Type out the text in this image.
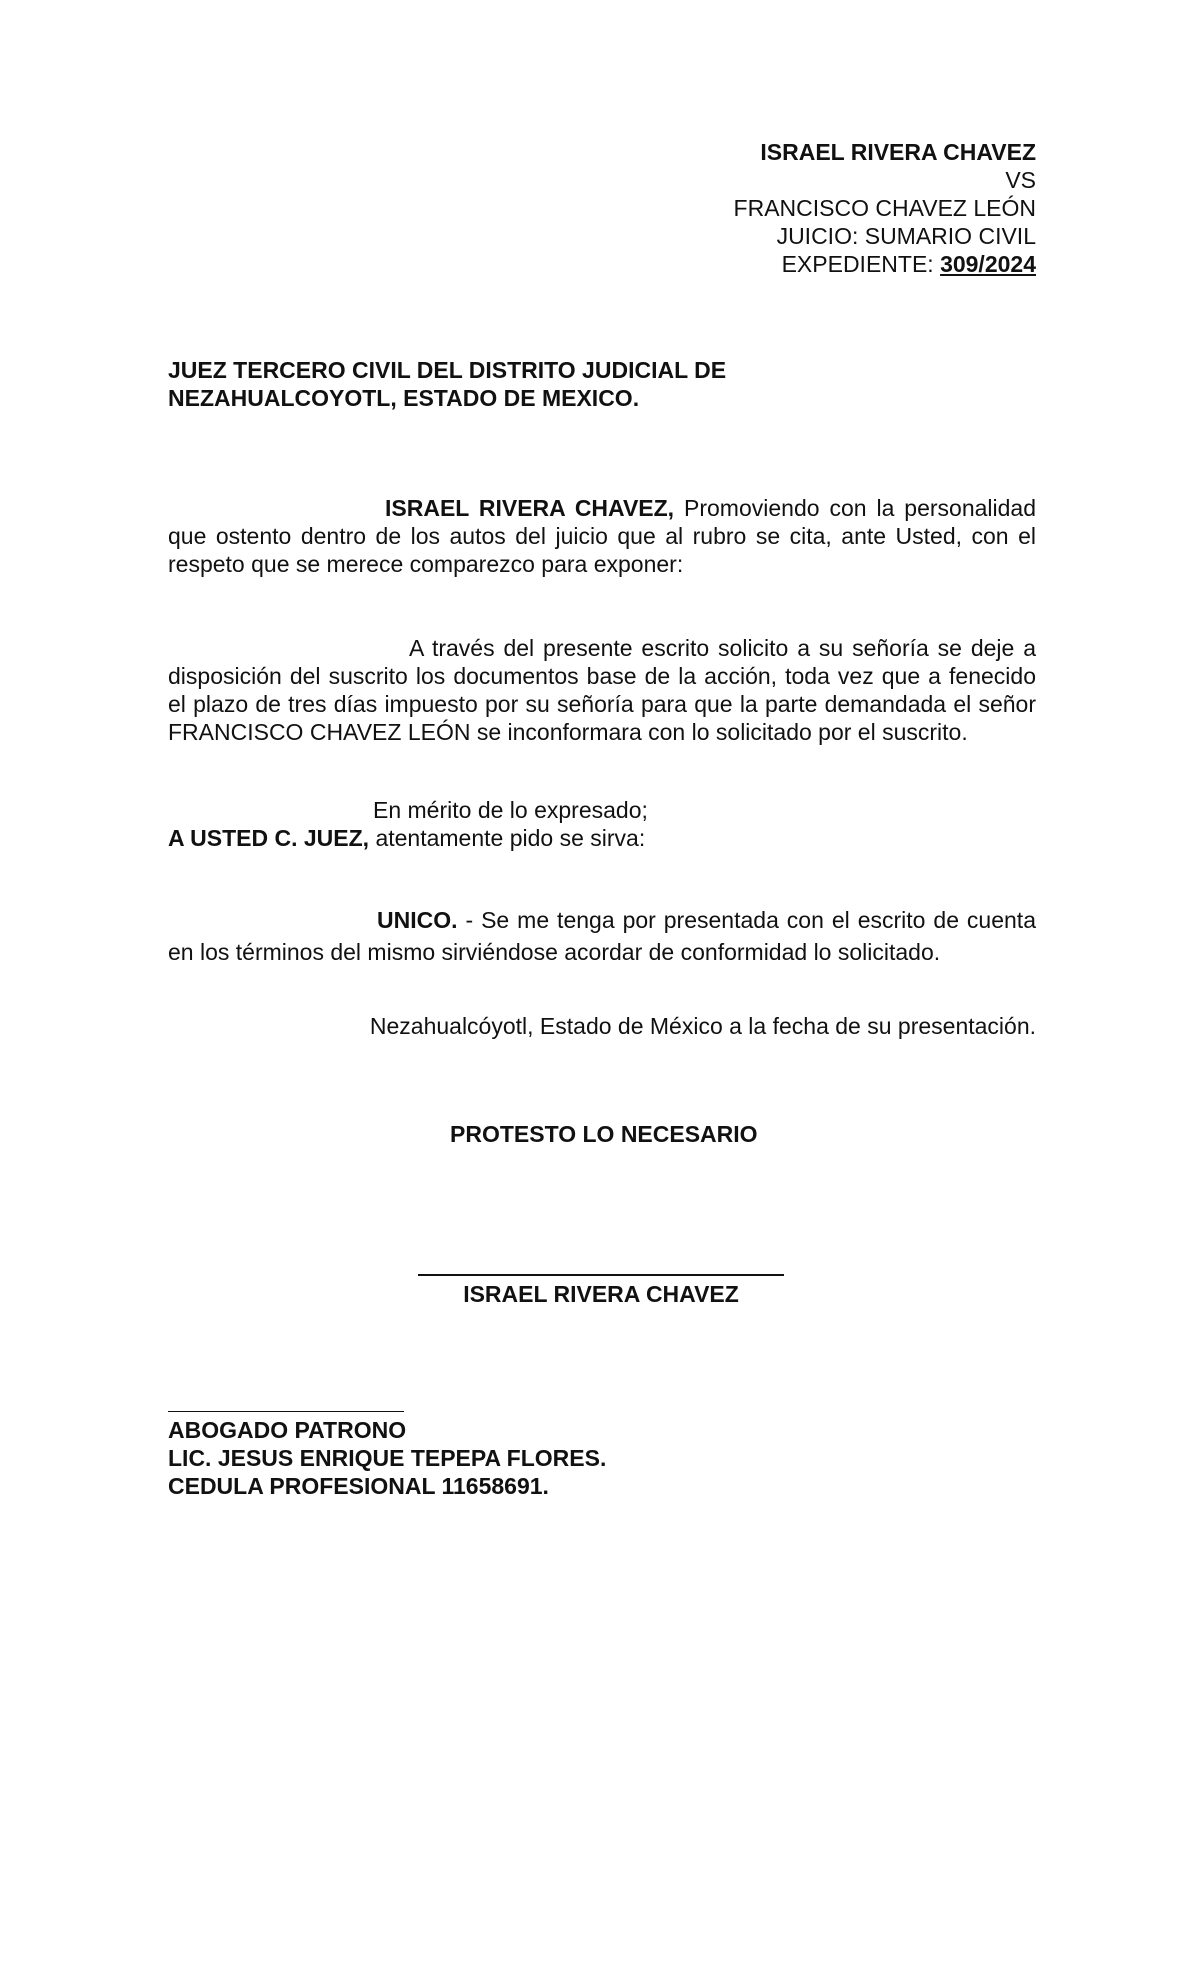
ISRAEL RIVERA CHAVEZ
VS
FRANCISCO CHAVEZ LEÓN
JUICIO: SUMARIO CIVIL
EXPEDIENTE: 309/2024
JUEZ TERCERO CIVIL DEL DISTRITO JUDICIAL DE
NEZAHUALCOYOTL, ESTADO DE MEXICO.
ISRAEL RIVERA CHAVEZ, Promoviendo con la personalidad que ostento dentro de los autos del juicio que al rubro se cita, ante Usted, con el respeto que se merece comparezco para exponer:
A través del presente escrito solicito a su señoría se deje a disposición del suscrito los documentos base de la acción, toda vez que a fenecido el plazo de tres días impuesto por su señoría para que la parte demandada el señor FRANCISCO CHAVEZ LEÓN se inconformara con lo solicitado por el suscrito.
En mérito de lo expresado;
A USTED C. JUEZ, atentamente pido se sirva:
UNICO. - Se me tenga por presentada con el escrito de cuenta en los términos del mismo sirviéndose acordar de conformidad lo solicitado.
Nezahualcóyotl, Estado de México a la fecha de su presentación.
PROTESTO LO NECESARIO
ISRAEL RIVERA CHAVEZ
ABOGADO PATRONO
LIC. JESUS ENRIQUE TEPEPA FLORES.
CEDULA PROFESIONAL 11658691.
